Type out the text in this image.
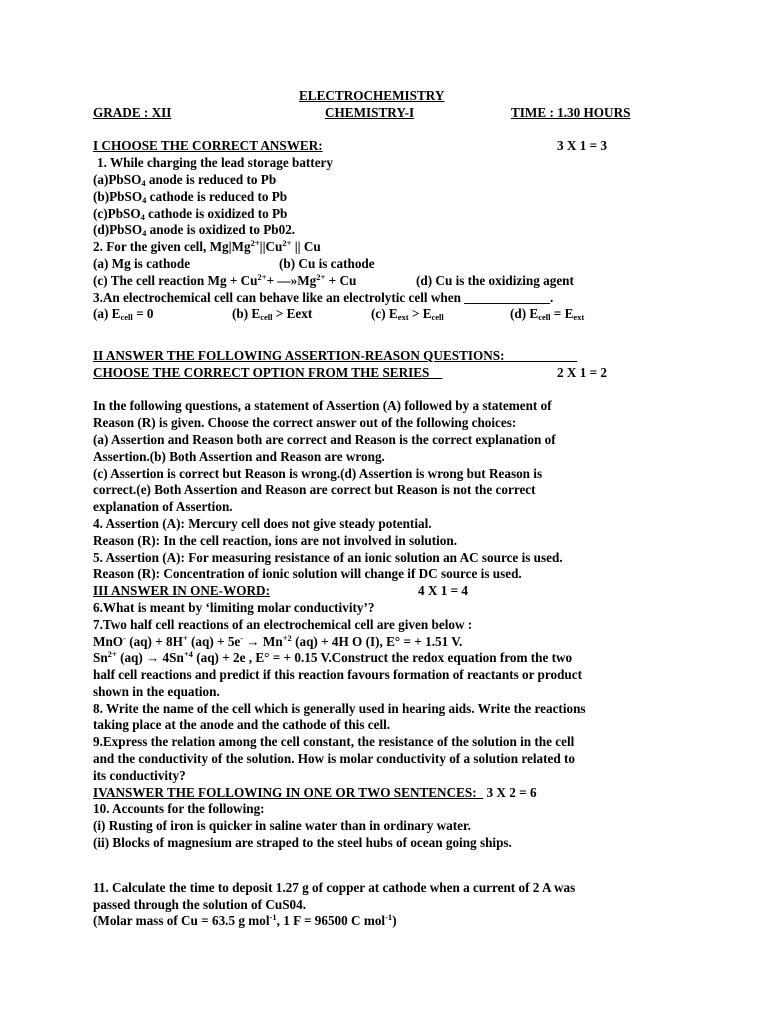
ELECTROCHEMISTRY
GRADE : XII	CHEMISTRY-I	TIME : 1.30 HOURS
I CHOOSE THE CORRECT ANSWER:	3 X 1 = 3
1. While charging the lead storage battery
(a)PbSO$_4$ anode is reduced to Pb
(b)PbSO$_4$ cathode is reduced to Pb
(c)PbSO$_4$ cathode is oxidized to Pb
(d)PbSO$_4$ anode is oxidized to Pb02.
2. For the given cell, $Mg|Mg^{2+}||Cu^{2+}$ || Cu
(a) Mg is cathode	(b) Cu is cathode
(c) The cell reaction $Mg + Cu^{2+}+$ $—»Mg^{2+} + Cu$	(d) Cu is the oxidizing agent
3.An electrochemical cell can behave like an electrolytic cell when _____________.
(a) $E_{cell} = 0$	(b) $E_{cell}$ > Eext	(c) $E_{ext} > E_{cell}$	(d) $E_{cell} = E_{ext}$
II ANSWER THE FOLLOWING ASSERTION-REASON QUESTIONS:___________
CHOOSE THE CORRECT OPTION FROM THE SERIES	2 X 1 = 2
In the following questions, a statement of Assertion (A) followed by a statement of
Reason (R) is given. Choose the correct answer out of the following choices:
(a) Assertion and Reason both are correct and Reason is the correct explanation of
Assertion.(b) Both Assertion and Reason are wrong.
(c) Assertion is correct but Reason is wrong.(d) Assertion is wrong but Reason is
correct.(e) Both Assertion and Reason are correct but Reason is not the correct
explanation of Assertion.
4. Assertion (A): Mercury cell does not give steady potential.
Reason (R): In the cell reaction, ions are not involved in solution.
5. Assertion (A): For measuring resistance of an ionic solution an AC source is used.
Reason (R): Concentration of ionic solution will change if DC source is used.
III ANSWER IN ONE-WORD:	4 X 1 = 4
6.What is meant by ‘limiting molar conductivity’?
7.Two half cell reactions of an electrochemical cell are given below :
MnO- (aq) + 8H+ $(aq) + 5e^- \to Mn^{+2}$ (aq) + 4H O (I), E° = + 1.51 V.
$Sn^{2+}$ $(aq) \to 4Sn^{+4}$ (aq) + 2e , E° = + 0.15 V.Construct the redox equation from the two
half cell reactions and predict if this reaction favours formation of reactants or product
shown in the equation.
8. Write the name of the cell which is generally used in hearing aids. Write the reactions
taking place at the anode and the cathode of this cell.
9.Express the relation among the cell constant, the resistance of the solution in the cell
and the conductivity of the solution. How is molar conductivity of a solution related to
its conductivity?
IVANSWER THE FOLLOWING IN ONE OR TWO SENTENCES:   3 X 2 = 6
10. Accounts for the following:
(i) Rusting of iron is quicker in saline water than in ordinary water.
(ii) Blocks of magnesium are straped to the steel hubs of ocean going ships.
11. Calculate the time to deposit 1.27 g of copper at cathode when a current of 2 A was
passed through the solution of CuS04.
(Molar mass of Cu = 63.5 g mol$^{-1}$, 1 F = 96500 C mol$^{-1}$)
